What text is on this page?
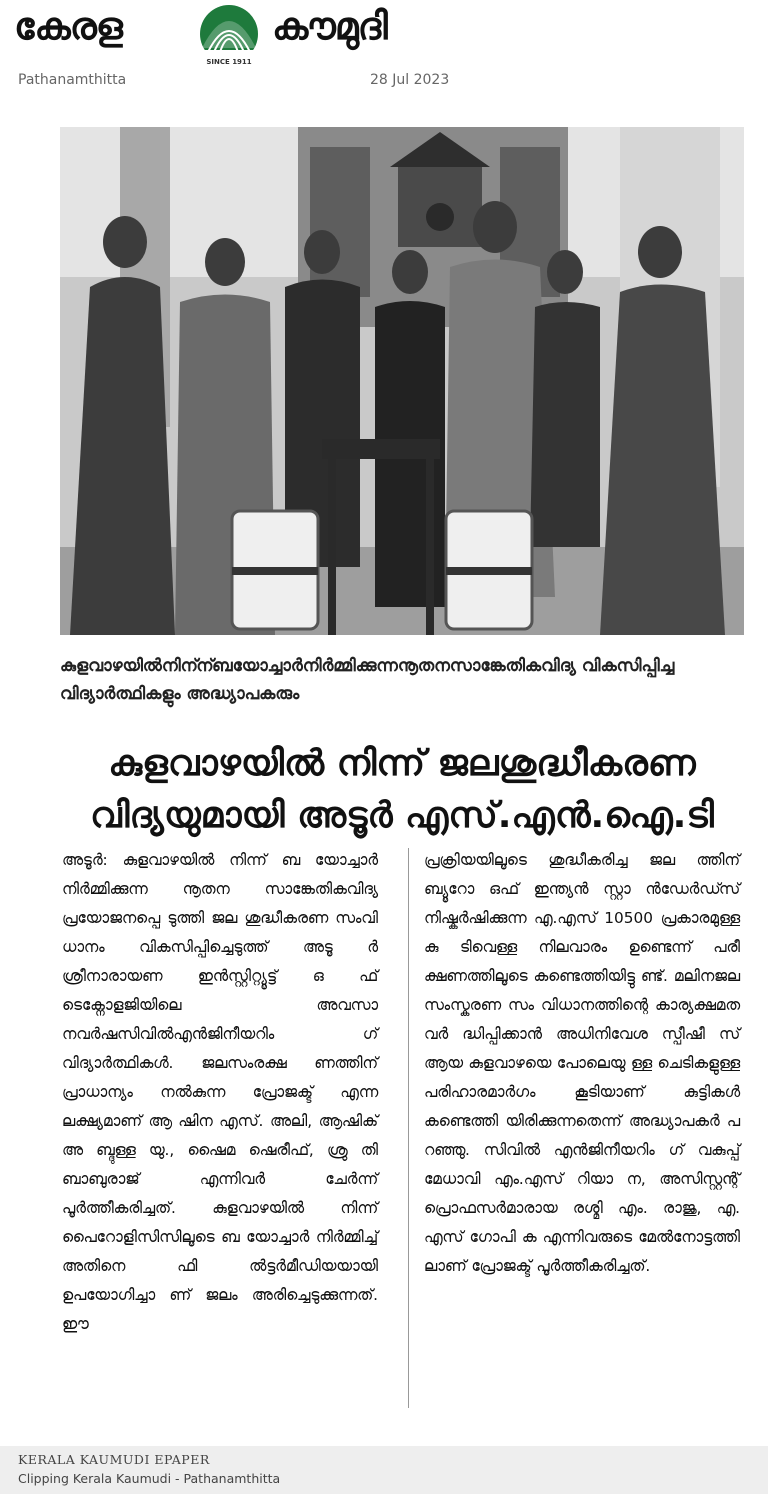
കേരള
SINCE 1911
കൗമുദി
Pathanamthitta	28 Jul 2023
കുളവാഴയിൽനിന്ന്ബയോച്ചാർനിർമ്മിക്കുന്നനൂതനസാങ്കേതികവിദ്യ വികസിപ്പിച്ച വിദ്യാർത്ഥികളും അദ്ധ്യാപകരും
കുളവാഴയിൽ നിന്ന് ജലശുദ്ധീകരണ
വിദ്യയുമായി അടൂർ എസ്.എൻ.ഐ.ടി
അടൂർ: കുളവാഴയിൽ നിന്ന് ബ യോച്ചാർ നിർമ്മിക്കുന്ന നൂതന സാങ്കേതികവിദ്യ പ്രയോജനപ്പെ ടുത്തി ജല ശുദ്ധീകരണ സംവി ധാനം വികസിപ്പിച്ചെടുത്ത് അടൂ ർ ശ്രീനാരായണ ഇൻസ്റ്റിറ്റ്യൂട്ട് ഒ ഫ് ടെക്നോളജിയിലെ അവസാ നവർഷസിവിൽഎൻജിനീയറിം ഗ് വിദ്യാർത്ഥികൾ. ജലസംരക്ഷ ണത്തിന് പ്രാധാന്യം നൽകുന്ന പ്രോജക്ട് എന്ന ലക്ഷ്യമാണ് ആ ഷിന എസ്. അലി, ആഷിക് അ ബ്ദുള്ള യു., ഷൈമ ഷെരീഫ്, ശ്രു തി ബാബുരാജ് എന്നിവർ ചേർന്ന് പൂർത്തീകരിച്ചത്. കുളവാഴയിൽ നിന്ന് പൈറോളിസിസിലൂടെ ബ യോച്ചാർ നിർമ്മിച്ച് അതിനെ ഫി ൽട്ടർമീഡിയയായി ഉപയോഗിച്ചാ ണ് ജലം അരിച്ചെടുക്കുന്നത്. ഈ
പ്രക്രിയയിലൂടെ ശുദ്ധീകരിച്ച ജല ത്തിന് ബ്യൂറോ ഒഫ് ഇന്ത്യൻ സ്റ്റാ ൻഡേർഡ്സ് നിഷ്കർഷിക്കുന്ന എ.എസ് 10500 പ്രകാരമുള്ള കു ടിവെള്ള നിലവാരം ഉണ്ടെന്ന് പരീ ക്ഷണത്തിലൂടെ കണ്ടെത്തിയിട്ടു ണ്ട്. മലിനജല സംസ്കരണ സം വിധാനത്തിന്റെ കാര്യക്ഷമത വർ ദ്ധിപ്പിക്കാൻ അധിനിവേശ സ്പീഷീ സ് ആയ കുളവാഴയെ പോലെയു ള്ള ചെടികളുള്ള പരിഹാരമാർഗം കൂടിയാണ് കുട്ടികൾ കണ്ടെത്തി യിരിക്കുന്നതെന്ന് അദ്ധ്യാപകർ പ റഞ്ഞു. സിവിൽ എൻജിനീയറിം ഗ് വകുപ്പ് മേധാവി എം.എസ് റിയാ ന, അസിസ്റ്റന്റ് പ്രൊഫസർമാരായ രശ്മി എം. രാജു, എ. എസ് ഗോപി ക എന്നിവരുടെ മേൽനോട്ടത്തി ലാണ് പ്രോജക്ട് പൂർത്തീകരിച്ചത്.
KERALA KAUMUDI EPAPER
Clipping Kerala Kaumudi - Pathanamthitta
